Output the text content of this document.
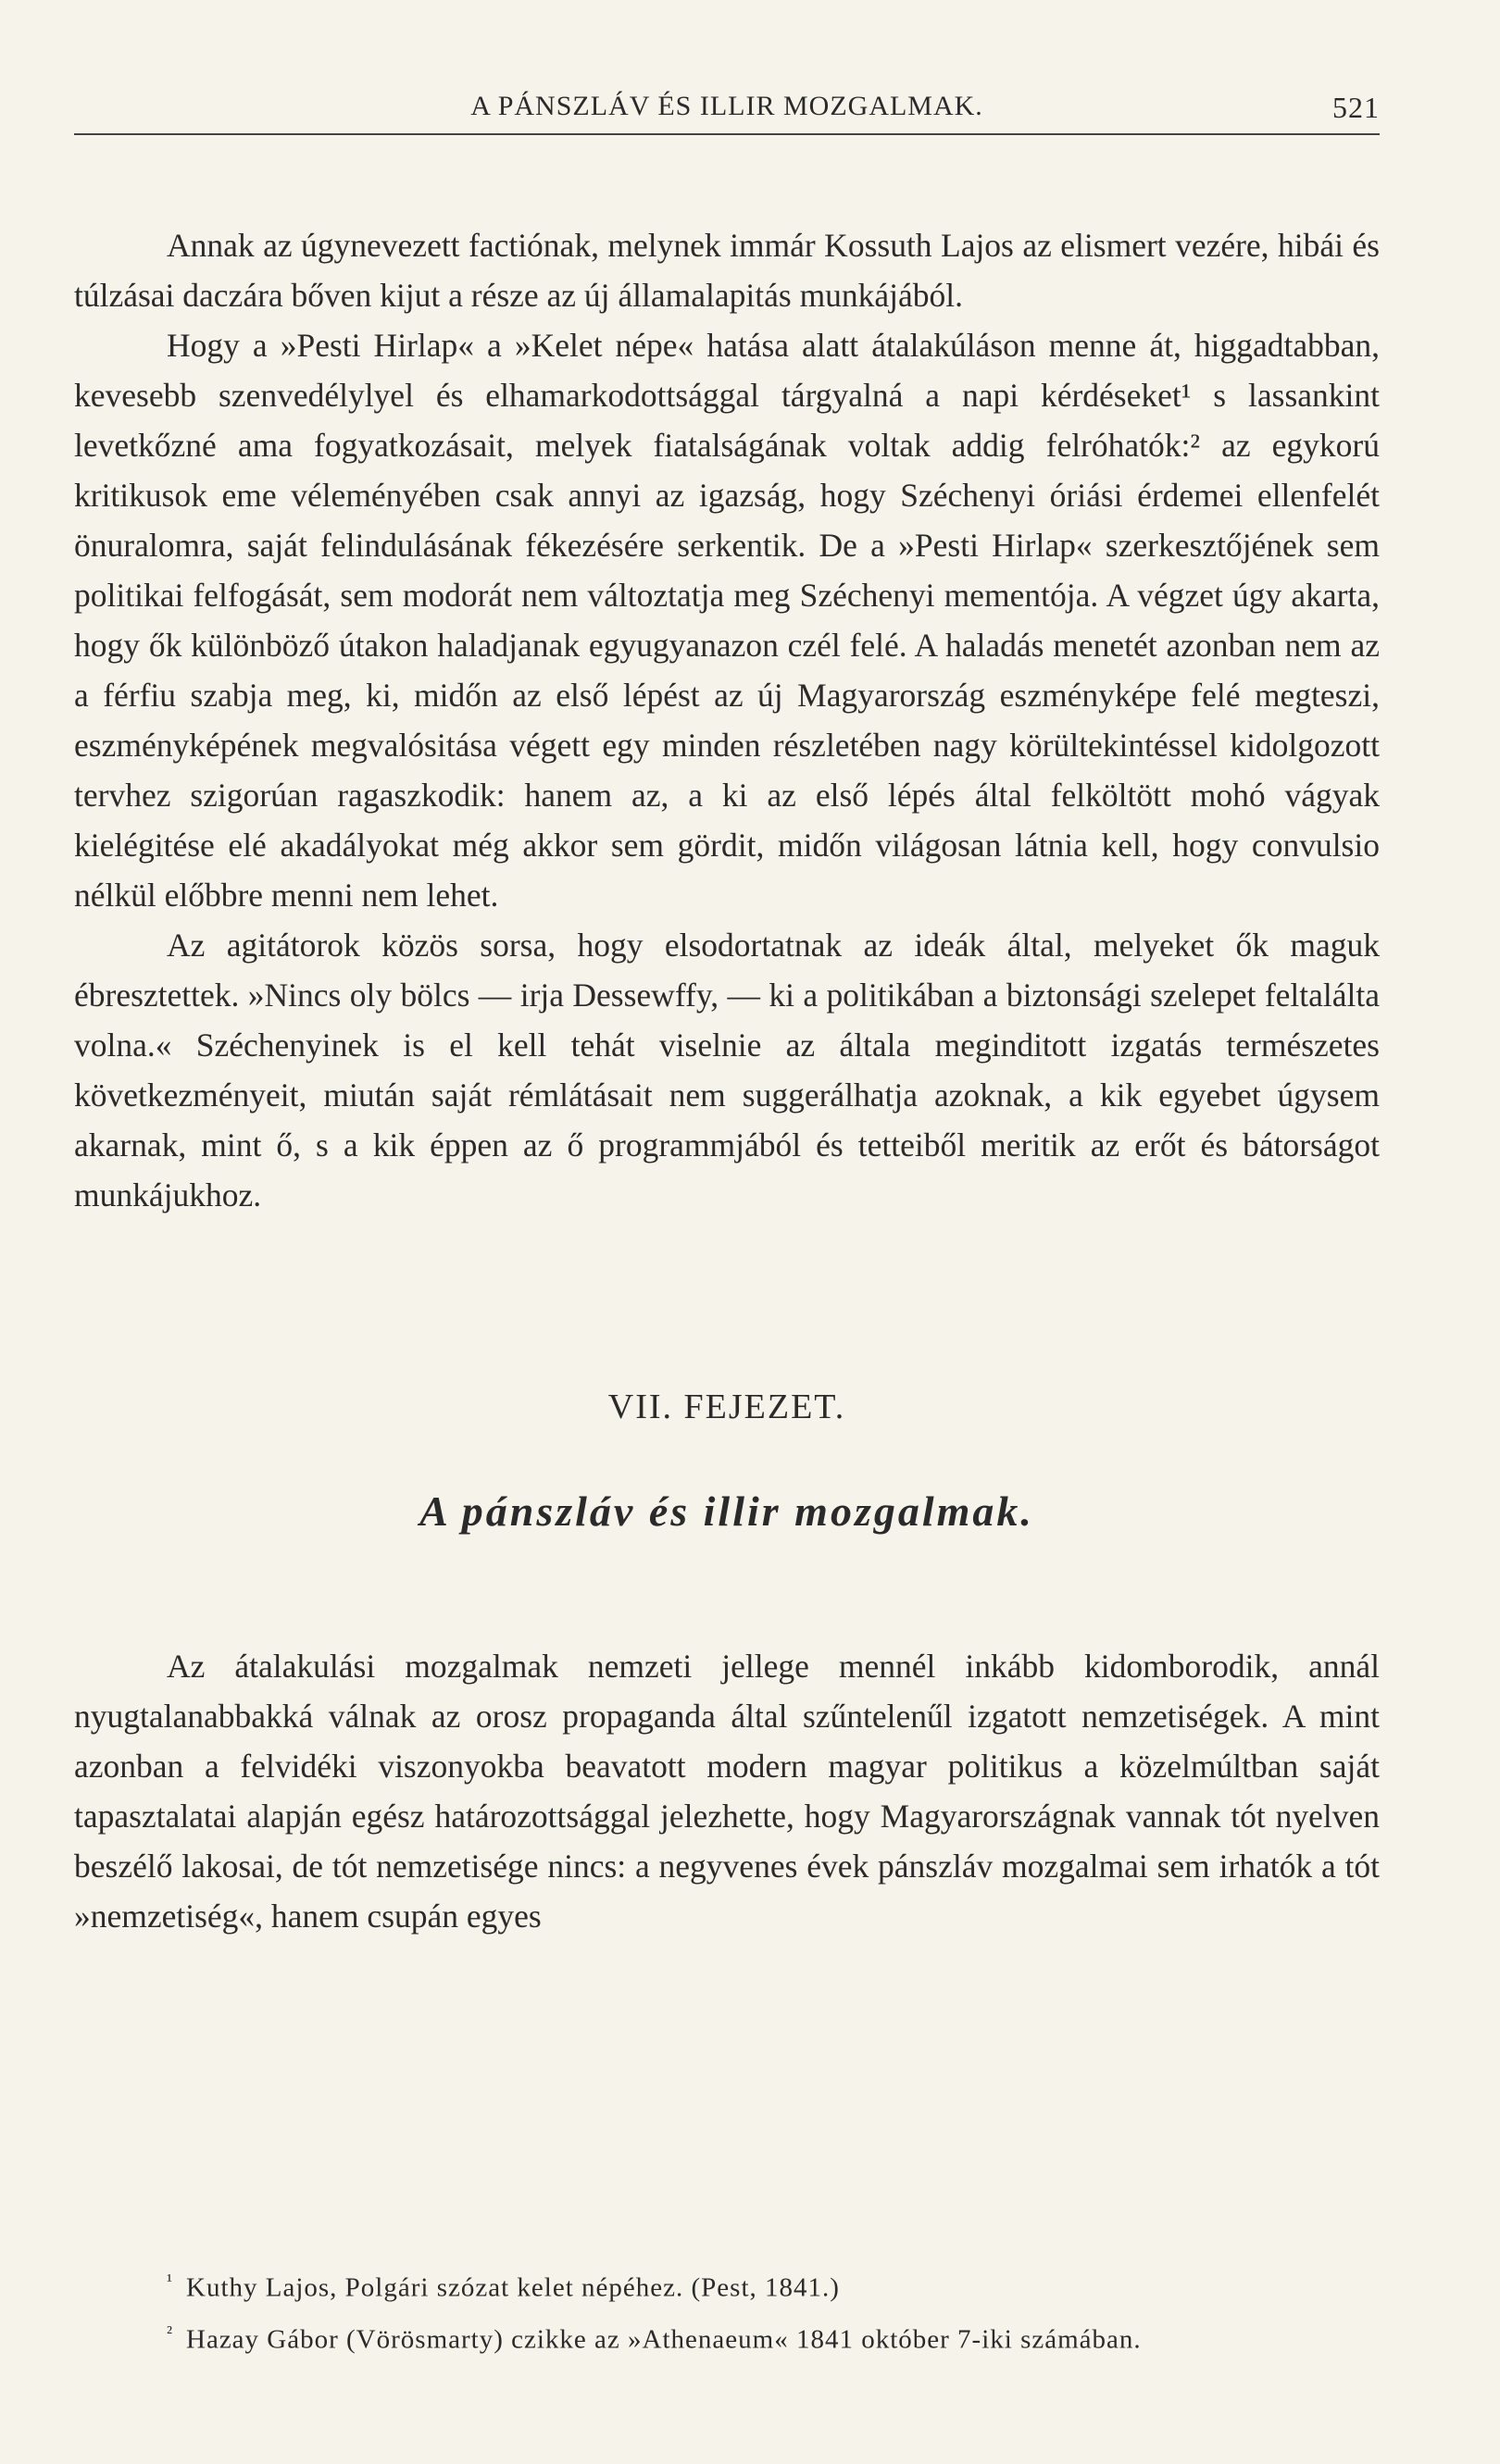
A PÁNSZLÁV ÉS ILLIR MOZGALMAK.	521

Annak az úgynevezett factiónak, melynek immár Kossuth Lajos az elismert vezére, hibái és túlzásai daczára bőven kijut a része az új államalapitás munkájából.

Hogy a »Pesti Hirlap« a »Kelet népe« hatása alatt átalakúláson menne át, higgadtabban, kevesebb szenvedélylyel és elhamarkodottsággal tárgyalná a napi kérdéseket¹ s lassankint levetkőzné ama fogyatkozásait, melyek fiatalságának voltak addig felróhatók:² az egykorú kritikusok eme véleményében csak annyi az igazság, hogy Széchenyi óriási érdemei ellenfelét önuralomra, saját felindulásának fékezésére serkentik. De a »Pesti Hirlap« szerkesztőjének sem politikai felfogását, sem modorát nem változtatja meg Széchenyi mementója. A végzet úgy akarta, hogy ők különböző útakon haladjanak egyugyanazon czél felé. A haladás menetét azonban nem az a férfiu szabja meg, ki, midőn az első lépést az új Magyarország eszményképe felé megteszi, eszményképének megvalósitása végett egy minden részletében nagy körültekintéssel kidolgozott tervhez szigorúan ragaszkodik: hanem az, a ki az első lépés által felköltött mohó vágyak kielégitése elé akadályokat még akkor sem gördit, midőn világosan látnia kell, hogy convulsio nélkül előbbre menni nem lehet.

Az agitátorok közös sorsa, hogy elsodortatnak az ideák által, melyeket ők maguk ébresztettek. »Nincs oly bölcs — irja Dessewffy, — ki a politikában a biztonsági szelepet feltalálta volna.« Széchenyinek is el kell tehát viselnie az általa meginditott izgatás természetes következményeit, miután saját rémlátásait nem suggerálhatja azoknak, a kik egyebet úgysem akarnak, mint ő, s a kik éppen az ő programmjából és tetteiből meritik az erőt és bátorságot munkájukhoz.

VII. FEJEZET.
A pánszláv és illir mozgalmak.

Az átalakulási mozgalmak nemzeti jellege mennél inkább kidomborodik, annál nyugtalanabbakká válnak az orosz propaganda által szűntelenűl izgatott nemzetiségek. A mint azonban a felvidéki viszonyokba beavatott modern magyar politikus a közelmúltban saját tapasztalatai alapján egész határozottsággal jelezhette, hogy Magyarországnak vannak tót nyelven beszélő lakosai, de tót nemzetisége nincs: a negyvenes évek pánszláv mozgalmai sem irhatók a tót »nemzetiség«, hanem csupán egyes

$^{^1}$ Kuthy Lajos, Polgári szózat kelet népéhez. (Pest, 1841.)
$^{^2}$ Hazay Gábor (Vörösmarty) czikke az »Athenaeum« 1841 október 7-iki számában.
